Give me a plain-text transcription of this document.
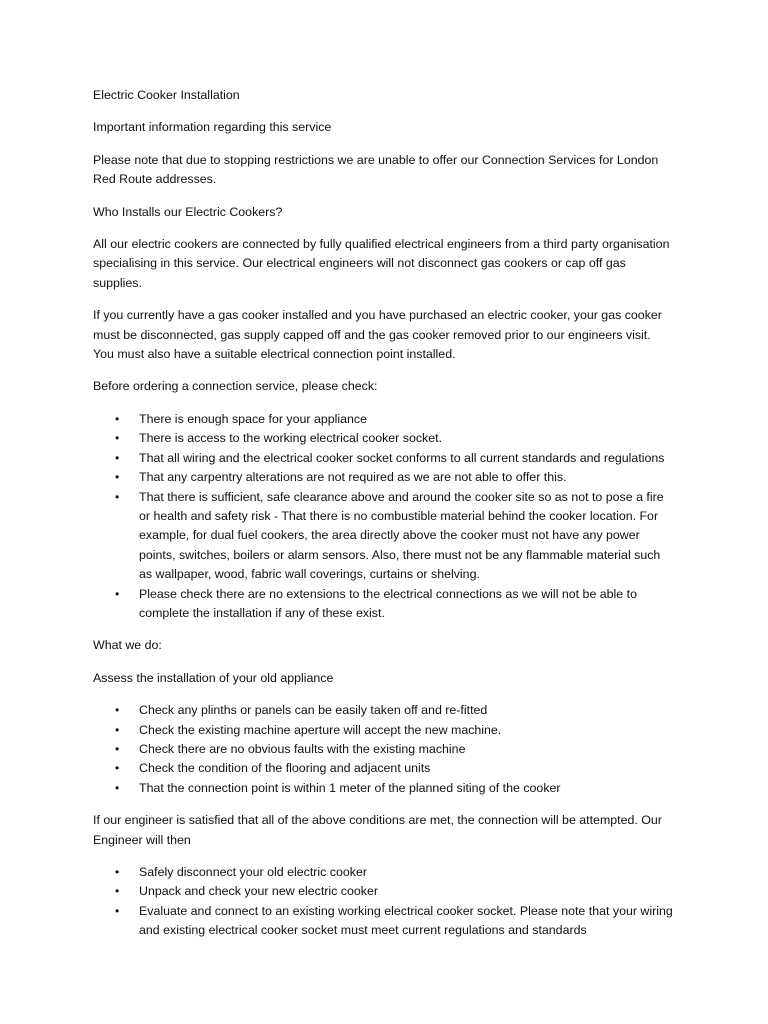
Electric Cooker Installation

Important information regarding this service

Please note that due to stopping restrictions we are unable to offer our Connection Services for London Red Route addresses.

Who Installs our Electric Cookers?

All our electric cookers are connected by fully qualified electrical engineers from a third party organisation specialising in this service. Our electrical engineers will not disconnect gas cookers or cap off gas supplies.

If you currently have a gas cooker installed and you have purchased an electric cooker, your gas cooker must be disconnected, gas supply capped off and the gas cooker removed prior to our engineers visit. You must also have a suitable electrical connection point installed.

Before ordering a connection service, please check:

• There is enough space for your appliance
• There is access to the working electrical cooker socket.
• That all wiring and the electrical cooker socket conforms to all current standards and regulations
• That any carpentry alterations are not required as we are not able to offer this.
• That there is sufficient, safe clearance above and around the cooker site so as not to pose a fire or health and safety risk - That there is no combustible material behind the cooker location. For example, for dual fuel cookers, the area directly above the cooker must not have any power points, switches, boilers or alarm sensors. Also, there must not be any flammable material such as wallpaper, wood, fabric wall coverings, curtains or shelving.
• Please check there are no extensions to the electrical connections as we will not be able to complete the installation if any of these exist.

What we do:

Assess the installation of your old appliance

• Check any plinths or panels can be easily taken off and re-fitted
• Check the existing machine aperture will accept the new machine.
• Check there are no obvious faults with the existing machine
• Check the condition of the flooring and adjacent units
• That the connection point is within 1 meter of the planned siting of the cooker

If our engineer is satisfied that all of the above conditions are met, the connection will be attempted. Our Engineer will then

• Safely disconnect your old electric cooker
• Unpack and check your new electric cooker
• Evaluate and connect to an existing working electrical cooker socket. Please note that your wiring and existing electrical cooker socket must meet current regulations and standards
